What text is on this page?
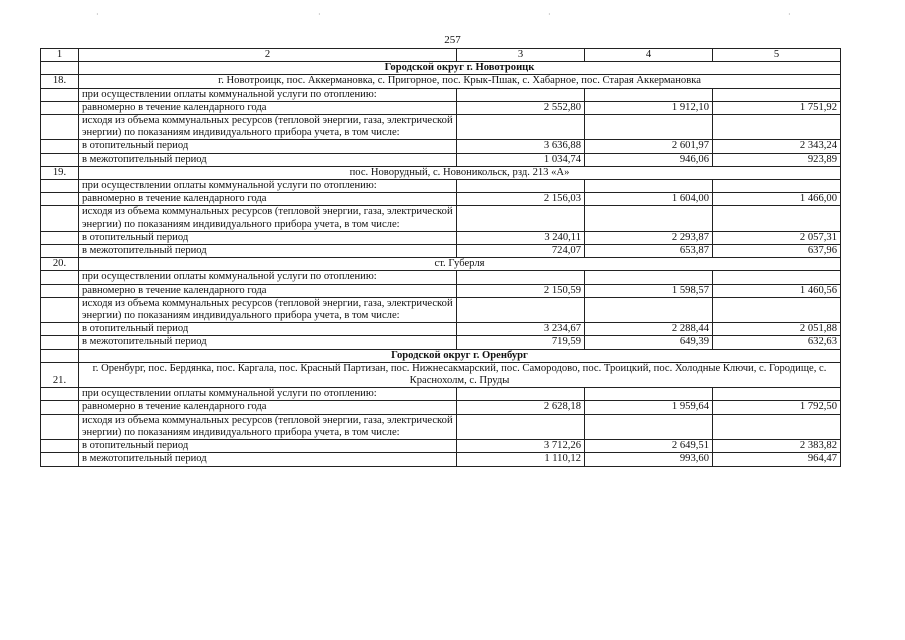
·	·	·	·
257
1	2	3	4	5
	Городской округ г. Новотроицк			
18.	г. Новотроицк, пос. Аккермановка, с. Пригорное, пос. Крык-Пшак, с. Хабарное, пос. Старая Аккермановка			
	при осуществлении оплаты коммунальной услуги по отоплению:			
	равномерно в течение календарного года	2 552,80	1 912,10	1 751,92
	исходя из объема коммунальных ресурсов (тепловой энергии, газа, электрической энергии) по показаниям индивидуального прибора учета, в том числе:			
	в отопительный период	3 636,88	2 601,97	2 343,24
	в межотопительный период	1 034,74	946,06	923,89
19.	пос. Новорудный, с. Новоникольск, рзд. 213 «А»			
	при осуществлении оплаты коммунальной услуги по отоплению:			
	равномерно в течение календарного года	2 156,03	1 604,00	1 466,00
	исходя из объема коммунальных ресурсов (тепловой энергии, газа, электрической энергии) по показаниям индивидуального прибора учета, в том числе:			
	в отопительный период	3 240,11	2 293,87	2 057,31
	в межотопительный период	724,07	653,87	637,96
20.	ст. Губерля			
	при осуществлении оплаты коммунальной услуги по отоплению:			
	равномерно в течение календарного года	2 150,59	1 598,57	1 460,56
	исходя из объема коммунальных ресурсов (тепловой энергии, газа, электрической энергии) по показаниям индивидуального прибора учета, в том числе:			
	в отопительный период	3 234,67	2 288,44	2 051,88
	в межотопительный период	719,59	649,39	632,63
	Городской округ г. Оренбург			
21.	г. Оренбург, пос. Бердянка, пос. Каргала, пос. Красный Партизан, пос. Нижнесакмарский, пос. Самородово, пос. Троицкий, пос. Холодные Ключи, с. Городище, с. Краснохолм, с. Пруды			
	при осуществлении оплаты коммунальной услуги по отоплению:			
	равномерно в течение календарного года	2 628,18	1 959,64	1 792,50
	исходя из объема коммунальных ресурсов (тепловой энергии, газа, электрической энергии) по показаниям индивидуального прибора учета, в том числе:			
	в отопительный период	3 712,26	2 649,51	2 383,82
	в межотопительный период	1 110,12	993,60	964,47
